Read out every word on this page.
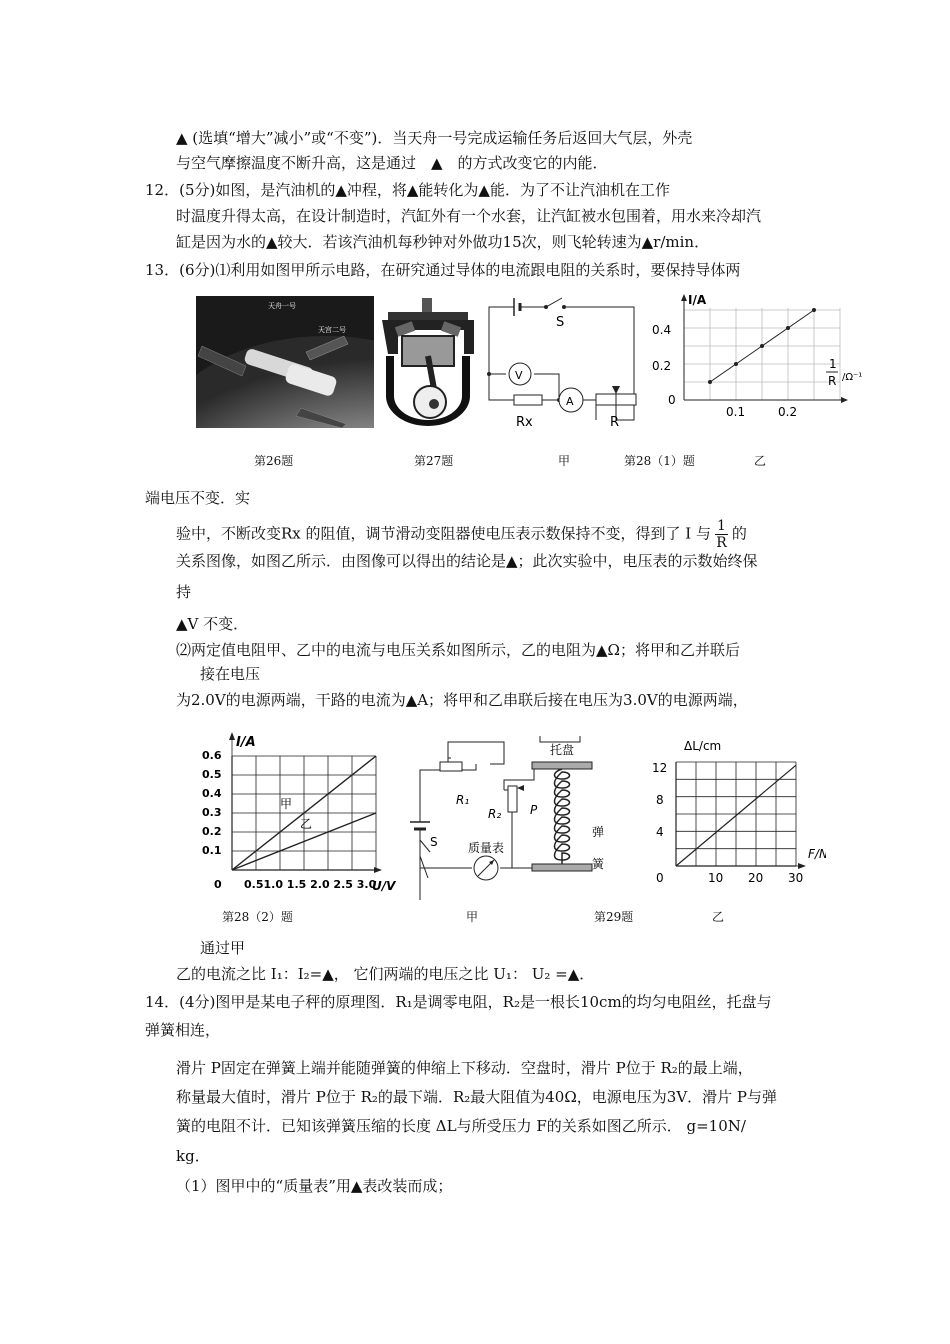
▲ (选填“增大”减小”或“不变”)．当天舟一号完成运输任务后返回大气层，外壳
与空气摩擦温度不断升高，这是通过　▲　的方式改变它的内能．
12．(5分)如图，是汽油机的▲冲程，将▲能转化为▲能．为了不让汽油机在工作
时温度升得太高，在设计制造时，汽缸外有一个水套，让汽缸被水包围着，用水来冷却汽
缸是因为水的▲较大．若该汽油机每秒钟对外做功15次，则飞轮转速为▲r/min．
13．(6分)⑴利用如图甲所示电路，在研究通过导体的电流跟电阻的关系时，要保持导体两
天舟一号
天宫二号	S
V
A
Rx	R
I/A
0.4
0.2
0
0.1	0.2
1
R /Ω⁻¹
第26题	第27题	甲	第28（1）题	乙
端电压不变．实
验中，不断改变Rx 的阻值，调节滑动变阻器使电压表示数保持不变，得到了 I 与 $\frac{1}{R}$ 的
关系图像，如图乙所示．由图像可以得出的结论是▲；此次实验中，电压表的示数始终保
持
▲V 不变．
⑵两定值电阻甲、乙中的电流与电压关系如图所示，乙的电阻为▲Ω；将甲和乙并联后
接在电压
为2.0V的电源两端，干路的电流为▲A；将甲和乙串联后接在电压为3.0V的电源两端，
I/A
0.6
0.5
0.4
0.3
0.2
0.1
0 0.51.0 1.5 2.0 2.5 3.0
U/V
甲
乙
托盘
R₁
R₂ P
弹
簧
质量表
S
ΔL/cm
12
8
4
0	10 20 30
F/N
第28（2）题	甲	第29题	乙
通过甲
乙的电流之比 I₁：I₂=▲， 它们两端的电压之比 U₁： U₂ =▲．
14．(4分)图甲是某电子秤的原理图．R₁是调零电阻，R₂是一根长10cm的均匀电阻丝，托盘与
弹簧相连，
滑片 P固定在弹簧上端并能随弹簧的伸缩上下移动．空盘时，滑片 P位于 R₂的最上端，
称量最大值时，滑片 P位于 R₂的最下端．R₂最大阻值为40Ω，电源电压为3V．滑片 P与弹
簧的电阻不计．已知该弹簧压缩的长度 ΔL与所受压力 F的关系如图乙所示． g=10N/
kg．
（1）图甲中的“质量表”用▲表改装而成；
